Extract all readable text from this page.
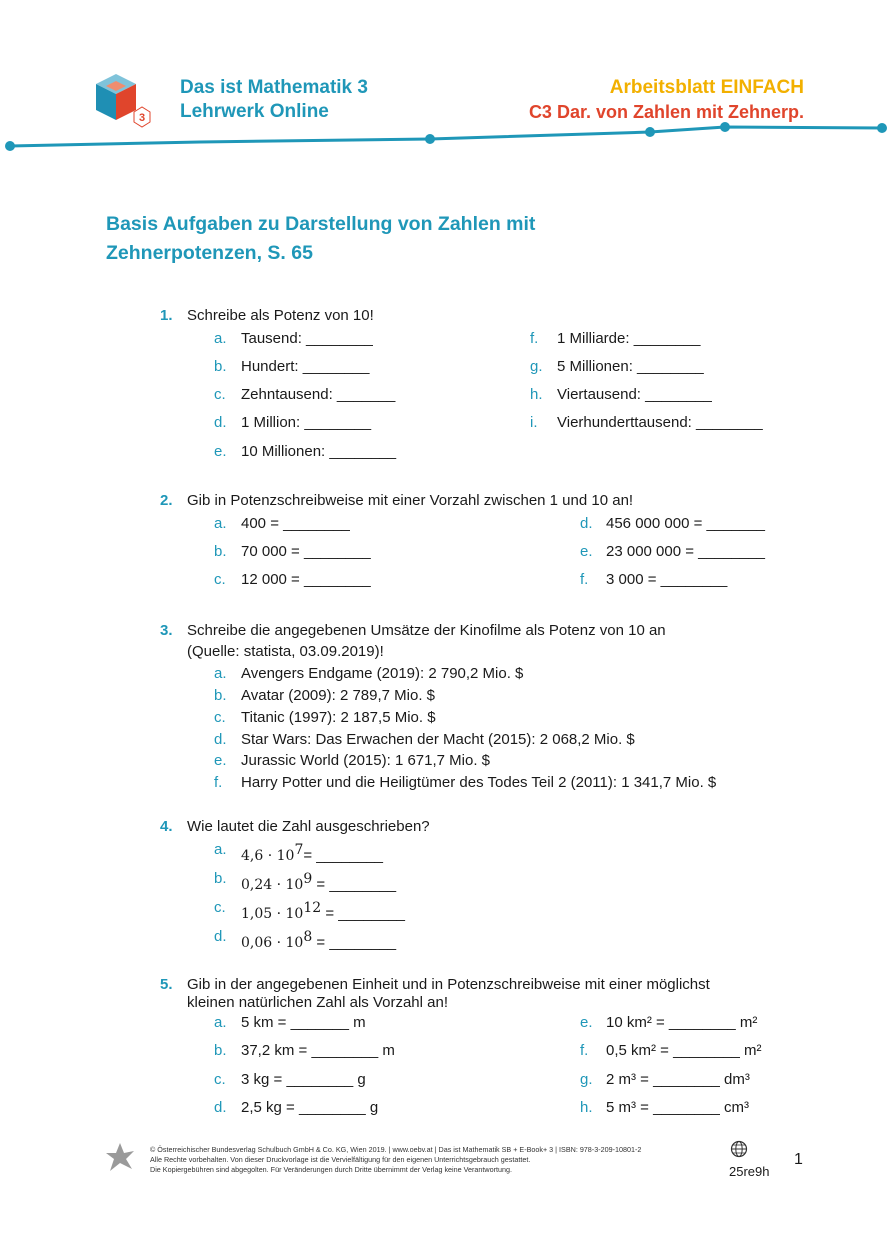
3
Das ist Mathematik 3
Lehrwerk Online
Arbeitsblatt EINFACH
C3 Dar. von Zahlen mit Zehnerp.
Basis Aufgaben zu Darstellung von Zahlen mit
Zehnerpotenzen, S. 65
1. Schreibe als Potenz von 10!
a. Tausend: ________
b. Hundert: ________
c. Zehntausend: _______
d. 1 Million: ________
e. 10 Millionen: ________
f. 1 Milliarde: ________
g. 5 Millionen: ________
h. Viertausend: ________
i. Vierhunderttausend: ________
2. Gib in Potenzschreibweise mit einer Vorzahl zwischen 1 und 10 an!
a. 400 = ________
b. 70 000 = ________
c. 12 000 = ________
d. 456 000 000 = _______
e. 23 000 000 = ________
f. 3 000 = ________
3. Schreibe die angegebenen Umsätze der Kinofilme als Potenz von 10 an
(Quelle: statista, 03.09.2019)!
a. Avengers Endgame (2019): 2 790,2 Mio. $
b. Avatar (2009): 2 789,7 Mio. $
c. Titanic (1997): 2 187,5 Mio. $
d. Star Wars: Das Erwachen der Macht (2015): 2 068,2 Mio. $
e. Jurassic World (2015): 1 671,7 Mio. $
f. Harry Potter und die Heiligtümer des Todes Teil 2 (2011): 1 341,7 Mio. $
4. Wie lautet die Zahl ausgeschrieben?
a. $4,6 \cdot 10^7=$ ________
b. $0,24 \cdot 10^9$ = ________
c. $1,05 \cdot 10^{12}$ = ________
d. $0,06 \cdot 10^8$ = ________
5. Gib in der angegebenen Einheit und in Potenzschreibweise mit einer möglichst
kleinen natürlichen Zahl als Vorzahl an!
a. 5 km = _______ m
b. 37,2 km = ________ m
c. 3 kg = ________ g
d. 2,5 kg = ________ g
e. 10 km² = ________ m²
f. 0,5 km² = ________ m²
g. 2 m³ = ________ dm³
h. 5 m³ = ________ cm³
© Österreichischer Bundesverlag Schulbuch GmbH & Co. KG, Wien 2019. | www.oebv.at | Das ist Mathematik SB + E-Book+ 3 | ISBN: 978-3-209-10801-2
Alle Rechte vorbehalten. Von dieser Druckvorlage ist die Vervielfältigung für den eigenen Unterrichtsgebrauch gestattet.
Die Kopiergebühren sind abgegolten. Für Veränderungen durch Dritte übernimmt der Verlag keine Verantwortung.	25re9h
1
